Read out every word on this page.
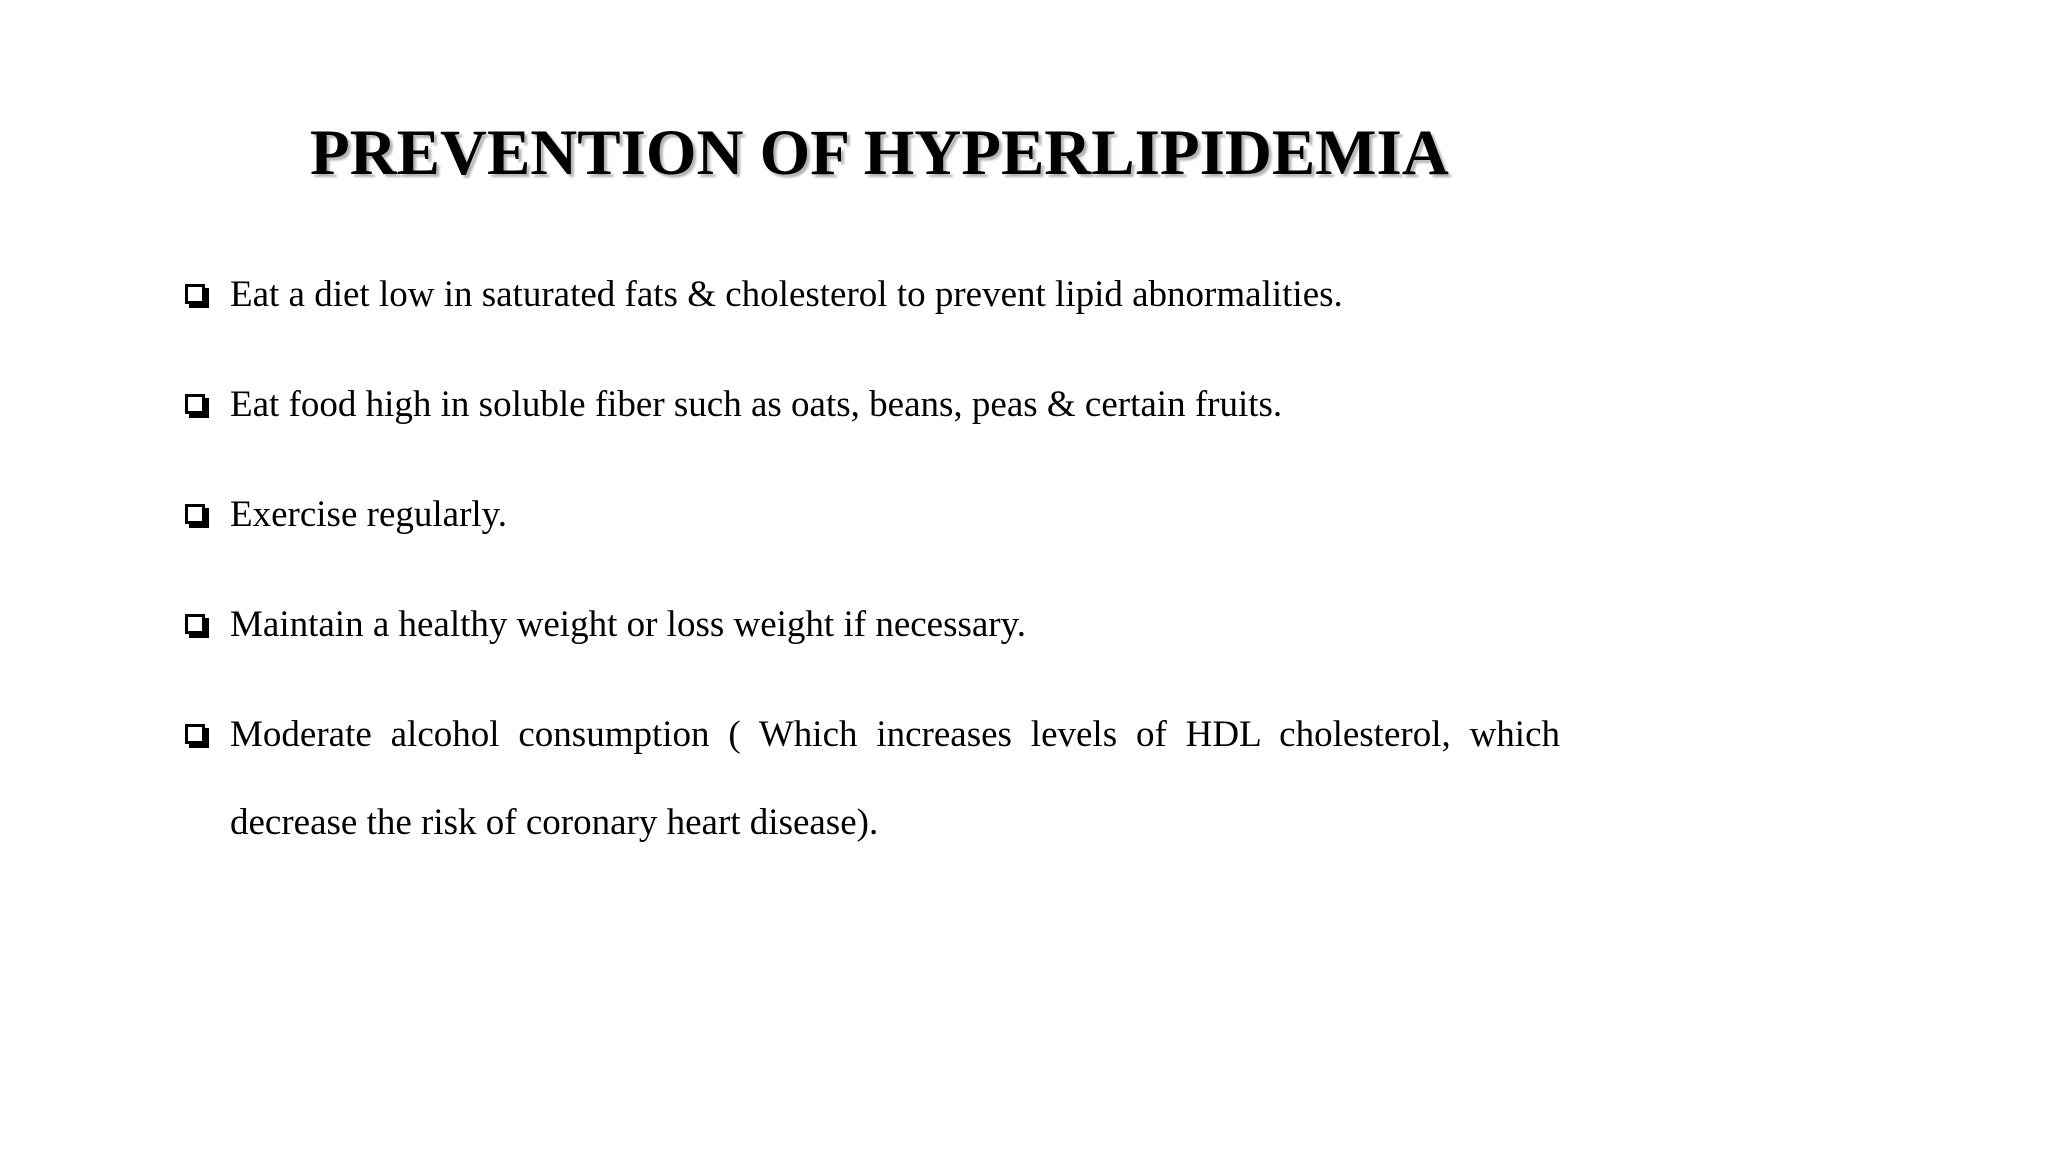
PREVENTION OF HYPERLIPIDEMIA
Eat a diet low in saturated fats & cholesterol to prevent lipid abnormalities.
Eat food high in soluble fiber such as oats, beans, peas & certain fruits.
Exercise regularly.
Maintain a healthy weight or loss weight if necessary.
Moderate alcohol consumption ( Which increases levels of HDL cholesterol, which decrease the risk of coronary heart disease).
